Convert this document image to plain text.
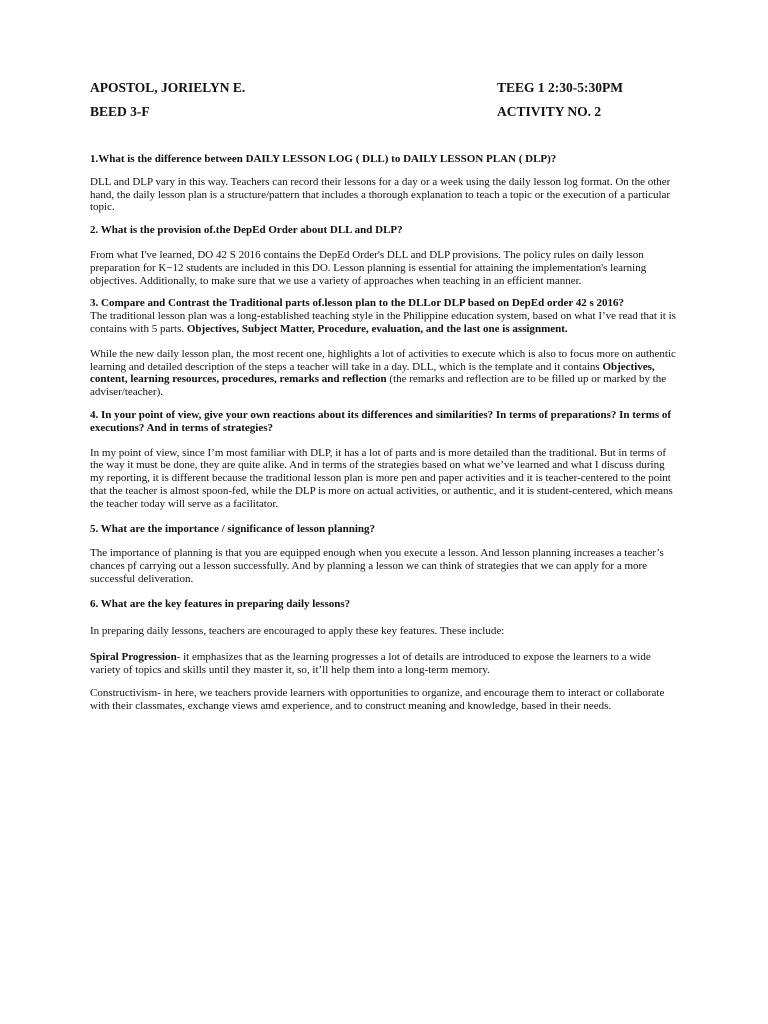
APOSTOL, JORIELYN E.	TEEG 1 2:30-5:30PM
BEED 3-F	ACTIVITY NO. 2

1.What is the difference between DAILY LESSON LOG ( DLL) to DAILY LESSON PLAN ( DLP)?

DLL and DLP vary in this way. Teachers can record their lessons for a day or a week using the daily lesson log format. On the other hand, the daily lesson plan is a structure/pattern that includes a thorough explanation to teach a topic or the execution of a particular topic.

2. What is the provision of.the DepEd Order about DLL and DLP?

From what I've learned, DO 42 S 2016 contains the DepEd Order's DLL and DLP provisions. The policy rules on daily lesson preparation for K−12 students are included in this DO. Lesson planning is essential for attaining the implementation's learning objectives. Additionally, to make sure that we use a variety of approaches when teaching in an efficient manner.

3. Compare and Contrast the Traditional parts of.lesson plan to the DLLor DLP based on DepEd order 42 s 2016?

The traditional lesson plan was a long-established teaching style in the Philippine education system, based on what I’ve read that it is contains with 5 parts. Objectives, Subject Matter, Procedure, evaluation, and the last one is assignment.

While the new daily lesson plan, the most recent one, highlights a lot of activities to execute which is also to focus more on authentic learning and detailed description of the steps a teacher will take in a day. DLL, which is the template and it contains Objectives, content, learning resources, procedures, remarks and reflection (the remarks and reflection are to be filled up or marked by the adviser/teacher).

4. In your point of view, give your own reactions about its differences and similarities? In terms of preparations? In terms of executions? And in terms of strategies?

In my point of view, since I’m most familiar with DLP, it has a lot of parts and is more detailed than the traditional. But in terms of the way it must be done, they are quite alike. And in terms of the strategies based on what we’ve learned and what I discuss during my reporting, it is different because the traditional lesson plan is more pen and paper activities and it is teacher-centered to the point that the teacher is almost spoon-fed, while the DLP is more on actual activities, or authentic, and it is student-centered, which means the teacher today will serve as a facilitator.

5. What are the importance / significance of lesson planning?

The importance of planning is that you are equipped enough when you execute a lesson. And lesson planning increases a teacher’s chances pf carrying out a lesson successfully. And by planning a lesson we can think of strategies that we can apply for a more successful deliveration.

6. What are the key features in preparing daily lessons?

In preparing daily lessons, teachers are encouraged to apply these key features. These include:

Spiral Progression- it emphasizes that as the learning progresses a lot of details are introduced to expose the learners to a wide variety of topics and skills until they master it, so, it’ll help them into a long-term memory.

Constructivism- in here, we teachers provide learners with opportunities to organize, and encourage them to interact or collaborate with their classmates, exchange views amd experience, and to construct meaning and knowledge, based in their needs.
